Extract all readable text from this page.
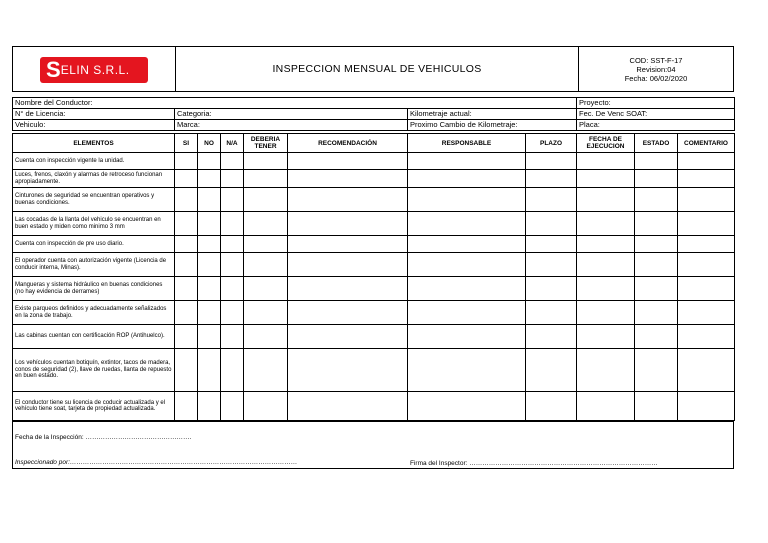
SELIN S.R.L.	INSPECCION MENSUAL DE VEHICULOS	
COD: SST-F-17
Revision:04
Fecha: 06/02/2020
Nombre del Conductor:			Proyecto:
N° de Licencia:	Categoria:	Kilometraje actual:	Fec. De Venc SOAT:
Vehiculo:	Marca:	Proximo Cambio de Kilometraje:	Placa:
ELEMENTOS	SI	NO	N/A	DEBERIA TENER	RECOMENDACIÓN	RESPONSABLE	PLAZO	FECHA DE EJECUCION	ESTADO	COMENTARIO
Cuenta con inspección vigente la unidad.										
Luces, frenos, claxón y alarmas de retroceso funcionan apropiadamente.										
Cinturones de seguridad se encuentran operativos y buenas condiciones.										
Las cocadas de la llanta del vehiculo se encuentran en buen estado y miden como minimo 3 mm										
Cuenta con inspección de pre uso diario.										
El operador cuenta con autorización vigente (Licencia de conducir interna, Minas).										
Mangueras y sistema hidráulico en buenas condiciones (no hay evidencia de derrames)										
Existe parqueos definidos y adecuadamente señalizados en la zona de trabajo.										
Las cabinas cuentan con certificación ROP (Antihuelco).										
Los vehículos cuentan botiquín, extintor, tacos de madera, conos de seguridad (2), llave de ruedas, llanta de repuesto en buen estado.										
El conductor tiene su licencia de coducir actualizada y el vehículo tiene soat, tarjeta de propiedad actualizada.										
Fecha de la Inspección: ………………………………………….
Inspeccionado por:……………………………………………………………………………………………	Firma del Inspector: ……………………………………………………………………………
